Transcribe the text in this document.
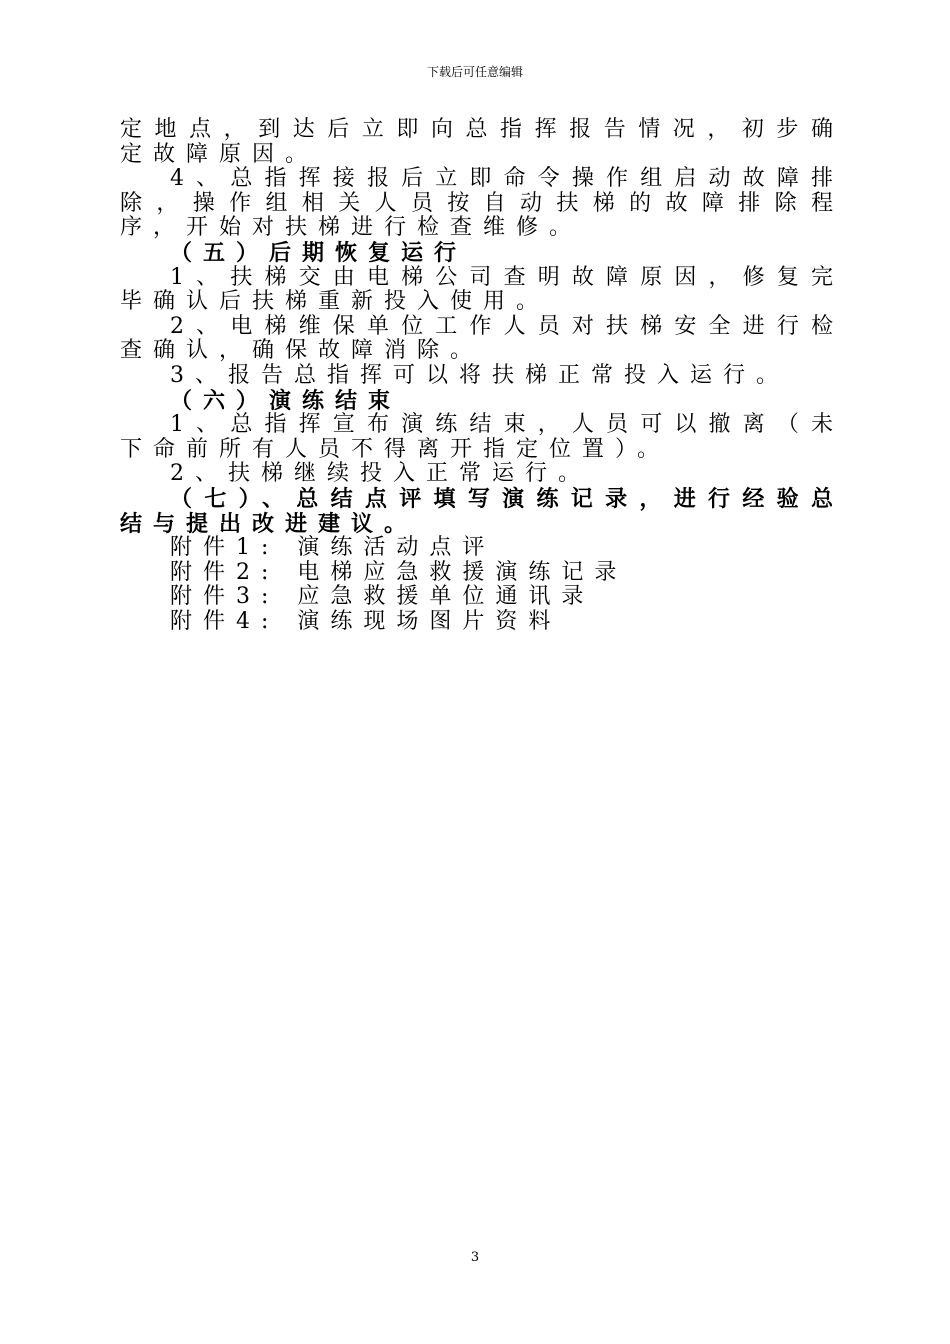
下载后可任意编辑

定地点，到达后立即向总指挥报告情况，初步确定故障原因。

4、总指挥接报后立即命令操作组启动故障排除，操作组相关人员按自动扶梯的故障排除程序，开始对扶梯进行检查维修。

（五）后期恢复运行

1、扶梯交由电梯公司查明故障原因，修复完毕确认后扶梯重新投入使用。

2、电梯维保单位工作人员对扶梯安全进行检查确认，确保故障消除。

3、报告总指挥可以将扶梯正常投入运行。

（六）演练结束

1、总指挥宣布演练结束，人员可以撤离（未下命前所有人员不得离开指定位置）。

2、扶梯继续投入正常运行。

（七）、总结点评填写演练记录，进行经验总结与提出改进建议。

附件1: 演练活动点评

附件2: 电梯应急救援演练记录

附件3: 应急救援单位通讯录

附件4: 演练现场图片资料

3
